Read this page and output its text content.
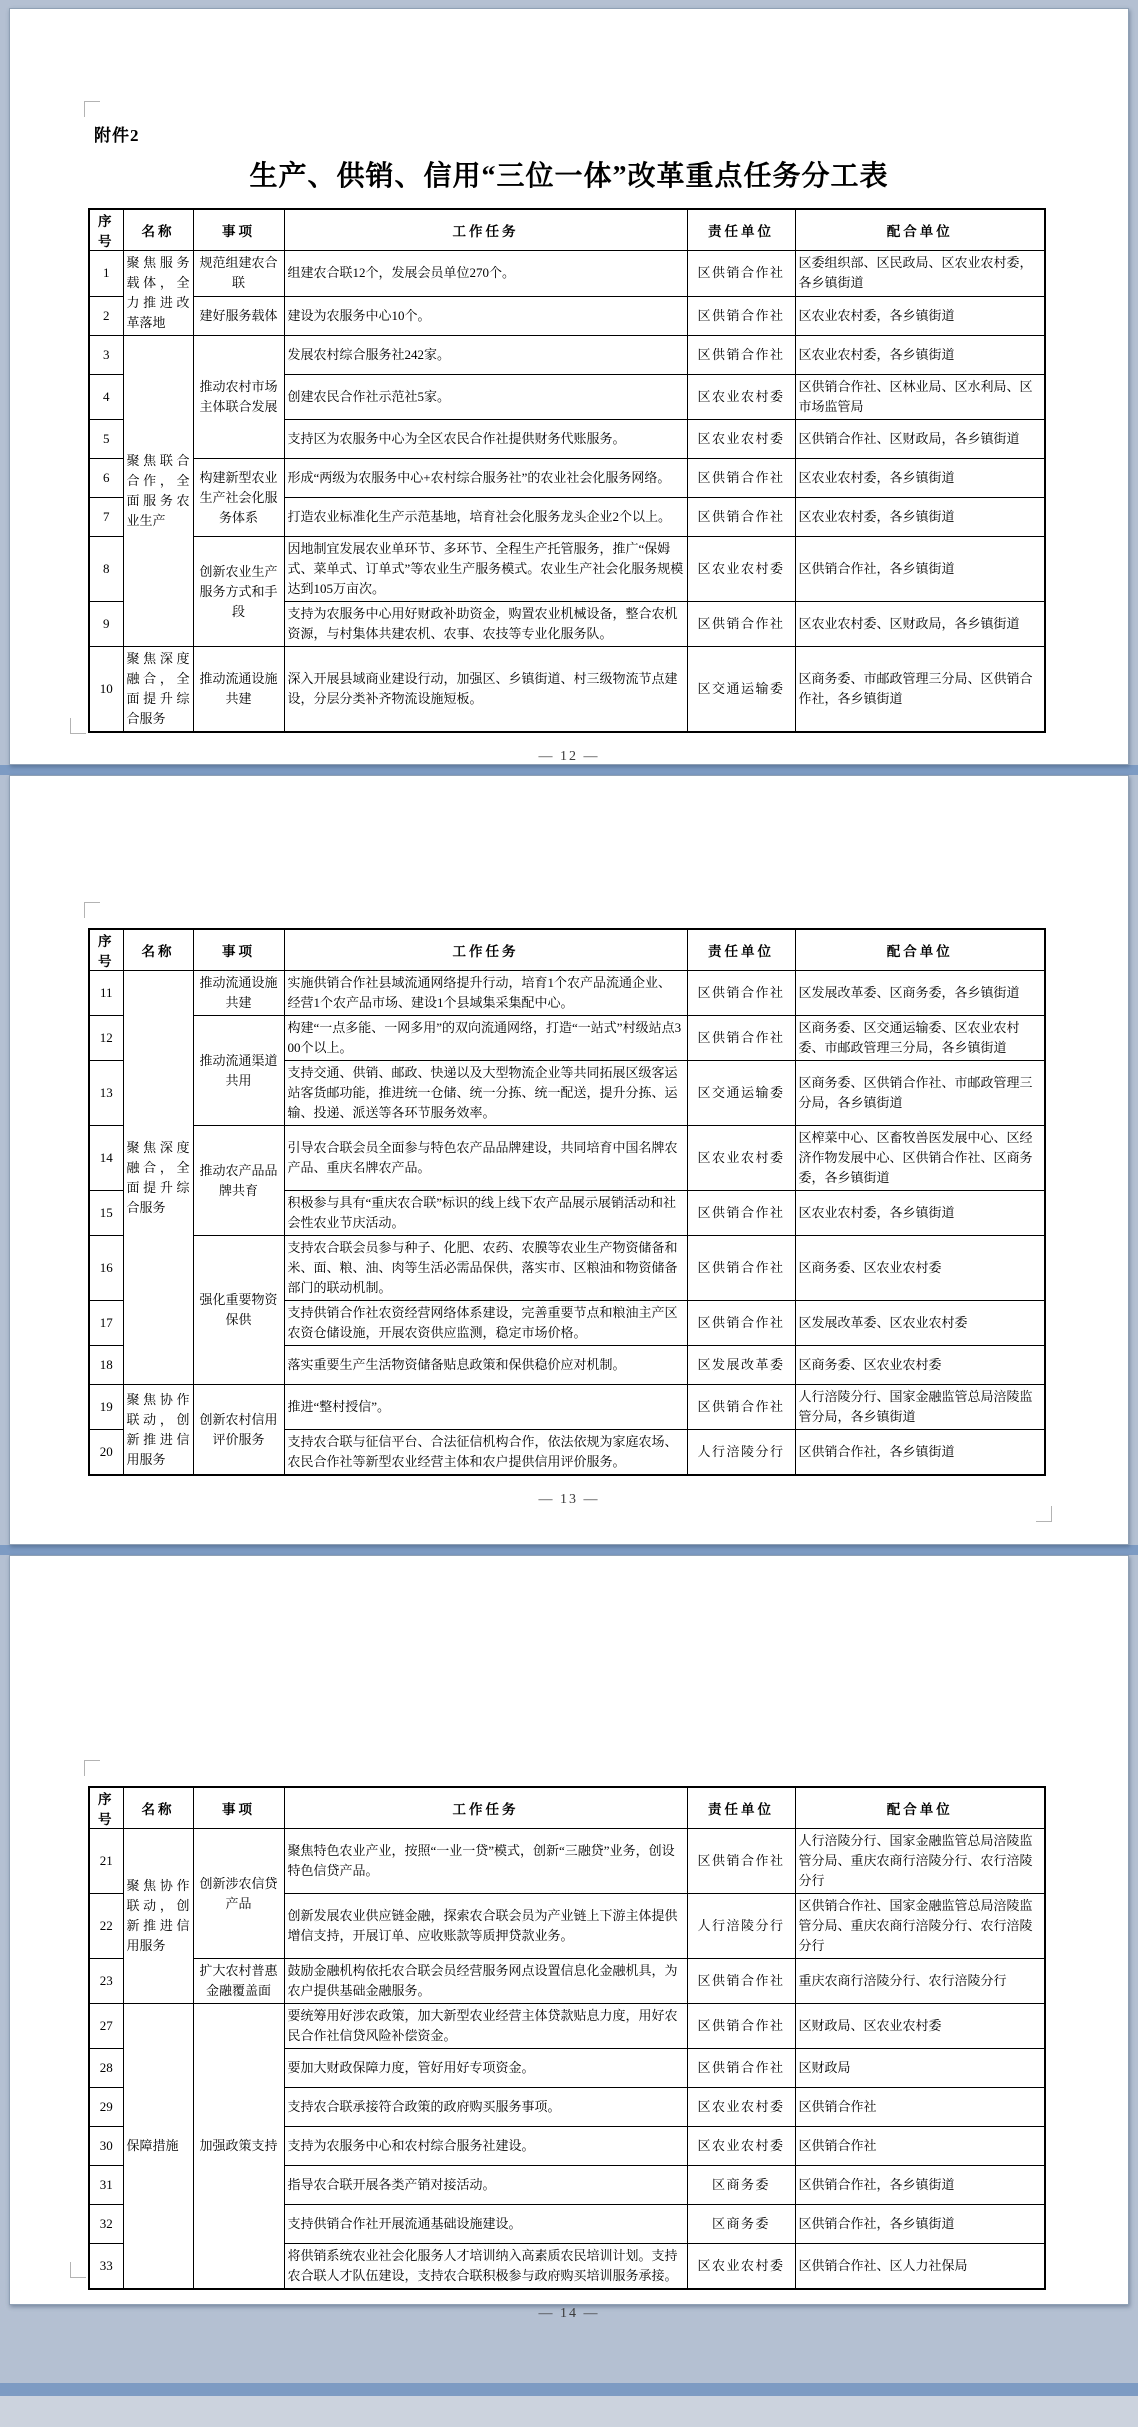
附件2
生产、供销、信用“三位一体”改革重点任务分工表
序号	名称	事项	工作任务	责任单位	配合单位
1	聚焦服务载体，全力推进改革落地	规范组建农合联	组建农合联12个，发展会员单位270个。	区供销合作社	区委组织部、区民政局、区农业农村委，各乡镇街道
2		建好服务载体	建设为农服务中心10个。	区供销合作社	区农业农村委，各乡镇街道
3	聚焦联合合作，全面服务农业生产	推动农村市场主体联合发展	发展农村综合服务社242家。	区供销合作社	区农业农村委，各乡镇街道
4			创建农民合作社示范社5家。	区农业农村委	区供销合作社、区林业局、区水利局、区市场监管局
5			支持区为农服务中心为全区农民合作社提供财务代账服务。	区农业农村委	区供销合作社、区财政局，各乡镇街道
6		构建新型农业生产社会化服务体系	形成“两级为农服务中心+农村综合服务社”的农业社会化服务网络。	区供销合作社	区农业农村委，各乡镇街道
7			打造农业标准化生产示范基地，培育社会化服务龙头企业2个以上。	区供销合作社	区农业农村委，各乡镇街道
8		创新农业生产服务方式和手段	因地制宜发展农业单环节、多环节、全程生产托管服务，推广“保姆式、菜单式、订单式”等农业生产服务模式。农业生产社会化服务规模达到105万亩次。	区农业农村委	区供销合作社，各乡镇街道
9			支持为农服务中心用好财政补助资金，购置农业机械设备，整合农机资源，与村集体共建农机、农事、农技等专业化服务队。	区供销合作社	区农业农村委、区财政局，各乡镇街道
10	聚焦深度融合，全面提升综合服务	推动流通设施共建	深入开展县域商业建设行动，加强区、乡镇街道、村三级物流节点建设，分层分类补齐物流设施短板。	区交通运输委	区商务委、市邮政管理三分局、区供销合作社，各乡镇街道
— 12 —
序号	名称	事项	工作任务	责任单位	配合单位
11	聚焦深度融合，全面提升综合服务	推动流通设施共建	实施供销合作社县域流通网络提升行动，培育1个农产品流通企业、经营1个农产品市场、建设1个县域集采集配中心。	区供销合作社	区发展改革委、区商务委，各乡镇街道
12		推动流通渠道共用	构建“一点多能、一网多用”的双向流通网络，打造“一站式”村级站点300个以上。	区供销合作社	区商务委、区交通运输委、区农业农村委、市邮政管理三分局，各乡镇街道
13			支持交通、供销、邮政、快递以及大型物流企业等共同拓展区级客运站客货邮功能，推进统一仓储、统一分拣、统一配送，提升分拣、运输、投递、派送等各环节服务效率。	区交通运输委	区商务委、区供销合作社、市邮政管理三分局，各乡镇街道
14		推动农产品品牌共育	引导农合联会员全面参与特色农产品品牌建设，共同培育中国名牌农产品、重庆名牌农产品。	区农业农村委	区榨菜中心、区畜牧兽医发展中心、区经济作物发展中心、区供销合作社、区商务委，各乡镇街道
15			积极参与具有“重庆农合联”标识的线上线下农产品展示展销活动和社会性农业节庆活动。	区供销合作社	区农业农村委，各乡镇街道
16		强化重要物资保供	支持农合联会员参与种子、化肥、农药、农膜等农业生产物资储备和米、面、粮、油、肉等生活必需品保供，落实市、区粮油和物资储备部门的联动机制。	区供销合作社	区商务委、区农业农村委
17			支持供销合作社农资经营网络体系建设，完善重要节点和粮油主产区农资仓储设施，开展农资供应监测，稳定市场价格。	区供销合作社	区发展改革委、区农业农村委
18			落实重要生产生活物资储备贴息政策和保供稳价应对机制。	区发展改革委	区商务委、区农业农村委
19	聚焦协作联动，创新推进信用服务	创新农村信用评价服务	推进“整村授信”。	区供销合作社	人行涪陵分行、国家金融监管总局涪陵监管分局，各乡镇街道
20			支持农合联与征信平台、合法征信机构合作，依法依规为家庭农场、农民合作社等新型农业经营主体和农户提供信用评价服务。	人行涪陵分行	区供销合作社，各乡镇街道
— 13 —
序号	名称	事项	工作任务	责任单位	配合单位
21	聚焦协作联动，创新推进信用服务	创新涉农信贷产品	聚焦特色农业产业，按照“一业一贷”模式，创新“三融贷”业务，创设特色信贷产品。	区供销合作社	人行涪陵分行、国家金融监管总局涪陵监管分局、重庆农商行涪陵分行、农行涪陵分行
22			创新发展农业供应链金融，探索农合联会员为产业链上下游主体提供增信支持，开展订单、应收账款等质押贷款业务。	人行涪陵分行	区供销合作社、国家金融监管总局涪陵监管分局、重庆农商行涪陵分行、农行涪陵分行
23		扩大农村普惠金融覆盖面	鼓励金融机构依托农合联会员经营服务网点设置信息化金融机具，为农户提供基础金融服务。	区供销合作社	重庆农商行涪陵分行、农行涪陵分行
27	保障措施	加强政策支持	要统筹用好涉农政策，加大新型农业经营主体贷款贴息力度，用好农民合作社信贷风险补偿资金。	区供销合作社	区财政局、区农业农村委
28			要加大财政保障力度，管好用好专项资金。	区供销合作社	区财政局
29			支持农合联承接符合政策的政府购买服务事项。	区农业农村委	区供销合作社
30			支持为农服务中心和农村综合服务社建设。	区农业农村委	区供销合作社
31			指导农合联开展各类产销对接活动。	区商务委	区供销合作社，各乡镇街道
32			支持供销合作社开展流通基础设施建设。	区商务委	区供销合作社，各乡镇街道
33			将供销系统农业社会化服务人才培训纳入高素质农民培训计划。支持农合联人才队伍建设，支持农合联积极参与政府购买培训服务承接。	区农业农村委	区供销合作社、区人力社保局
— 14 —
